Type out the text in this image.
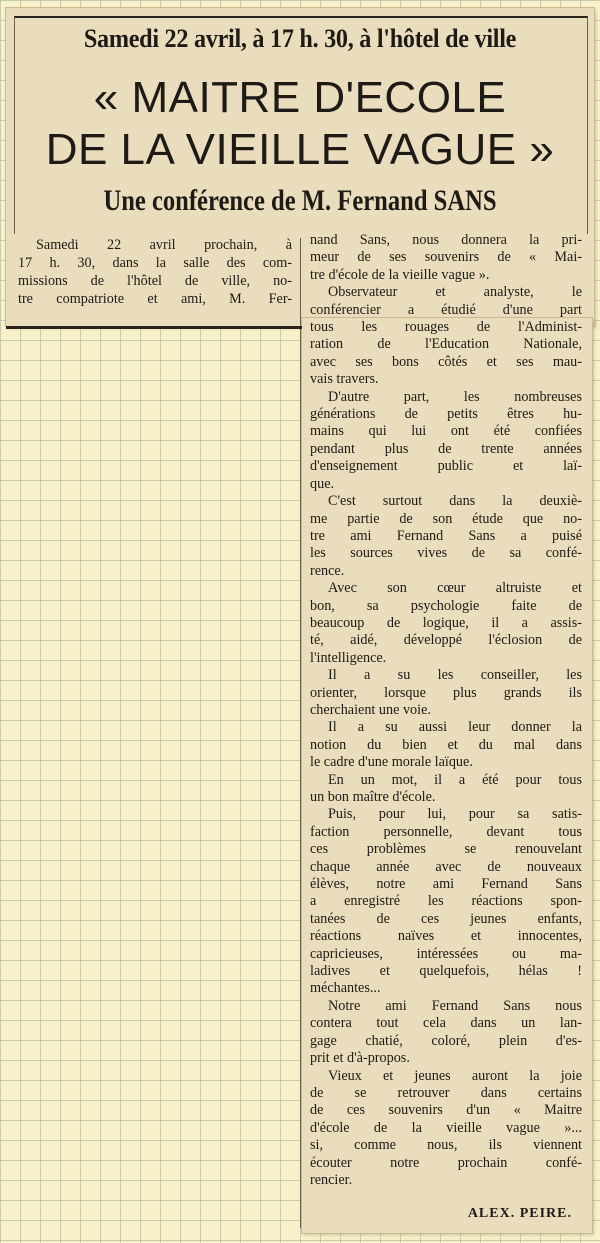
Samedi 22 avril, à 17 h. 30, à l'hôtel de ville
« MAITRE D'ECOLE
DE LA VIEILLE VAGUE »
Une conférence de M. Fernand SANS
Samedi 22 avril prochain, à
17 h. 30, dans la salle des com-
missions de l'hôtel de ville, no-
tre compatriote et ami, M. Fer-
nand Sans, nous donnera la pri-
meur de ses souvenirs de « Mai-
tre d'école de la vieille vague ».
Observateur et analyste, le
conférencier a étudié d'une part
tous les rouages de l'Administ-
ration de l'Education Nationale,
avec ses bons côtés et ses mau-
vais travers.
D'autre part, les nombreuses
générations de petits êtres hu-
mains qui lui ont été confiées
pendant plus de trente années
d'enseignement public et laï-
que.
C'est surtout dans la deuxiè-
me partie de son étude que no-
tre ami Fernand Sans a puisé
les sources vives de sa confé-
rence.
Avec son cœur altruiste et
bon, sa psychologie faite de
beaucoup de logique, il a assis-
té, aidé, développé l'éclosion de
l'intelligence.
Il a su les conseiller, les
orienter, lorsque plus grands ils
cherchaient une voie.
Il a su aussi leur donner la
notion du bien et du mal dans
le cadre d'une morale laïque.
En un mot, il a été pour tous
un bon maître d'école.
Puis, pour lui, pour sa satis-
faction personnelle, devant tous
ces problèmes se renouvelant
chaque année avec de nouveaux
élèves, notre ami Fernand Sans
a enregistré les réactions spon-
tanées de ces jeunes enfants,
réactions naïves et innocentes,
capricieuses, intéressées ou ma-
ladives et quelquefois, hélas !
méchantes...
Notre ami Fernand Sans nous
contera tout cela dans un lan-
gage chatié, coloré, plein d'es-
prit et d'à-propos.
Vieux et jeunes auront la joie
de se retrouver dans certains
de ces souvenirs d'un « Maitre
d'école de la vieille vague »...
si, comme nous, ils viennent
écouter notre prochain confé-
rencier.
ALEX. PEIRE.
